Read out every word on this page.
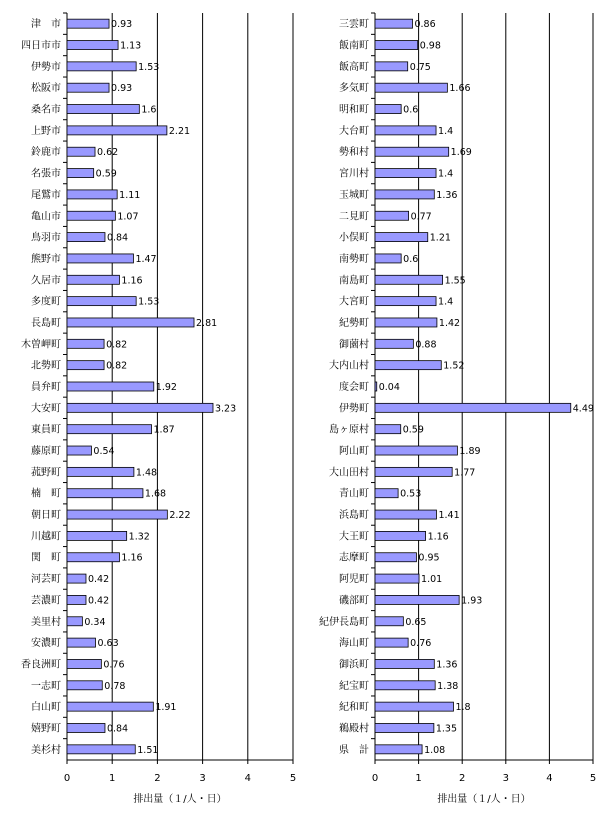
0.93
津　市
1.13
四日市市
1.53
伊勢市
0.93
松阪市
1.6
桑名市
2.21
上野市
0.62
鈴鹿市
0.59
名張市
1.11
尾鷲市
1.07
亀山市
0.84
鳥羽市
1.47
熊野市
1.16
久居市
1.53
多度町
2.81
長島町
0.82
木曽岬町
0.82
北勢町
1.92
員弁町
3.23
大安町
1.87
東員町
0.54
藤原町
1.48
菰野町
1.68
楠　町
2.22
朝日町
1.32
川越町
1.16
関　町
0.42
河芸町
0.42
芸濃町
0.34
美里村
0.63
安濃町
0.76
香良洲町
0.78
一志町
1.91
白山町
0.84
嬉野町
1.51
美杉村
0	1	2	3	4	5
排出量（１/人・日）
0.86
三雲町
0.98
飯南町
0.75
飯高町
1.66
多気町
0.6
明和町
1.4
大台町
1.69
勢和村
1.4
宮川村
1.36
玉城町
0.77
二見町
1.21
小俣町
0.6
南勢町
1.55
南島町
1.4
大宮町
1.42
紀勢町
0.88
御薗村
1.52
大内山村
0.04
度会町
4.49
伊勢町
0.59
島ヶ原村
1.89
阿山町
1.77
大山田村
0.53
青山町
1.41
浜島町
1.16
大王町
0.95
志摩町
1.01
阿児町
1.93
磯部町
0.65
紀伊長島町
0.76
海山町
1.36
御浜町
1.38
紀宝町
1.8
紀和町
1.35
鵜殿村
1.08
県　計
0	1	2	3	4	5
排出量（１/人・日）
